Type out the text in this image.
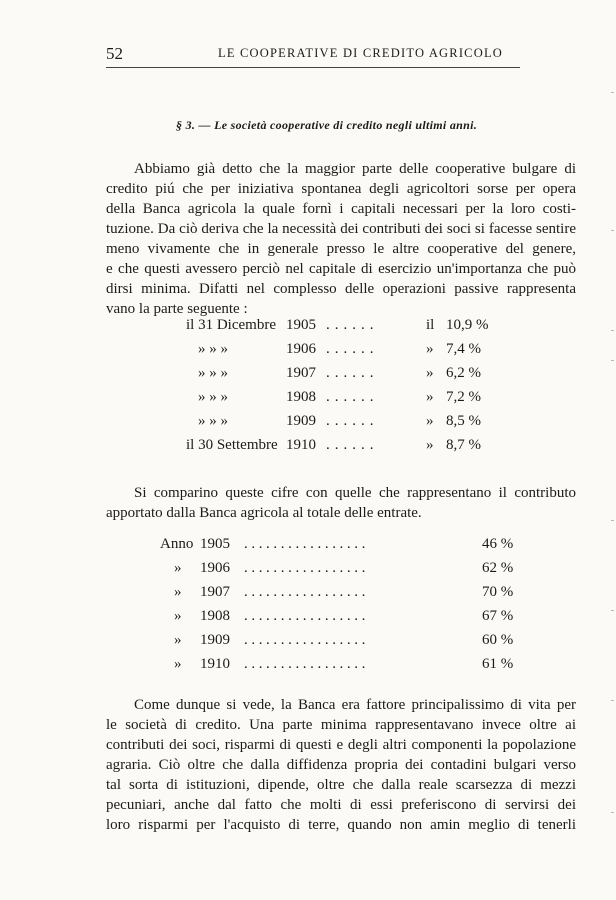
52	LE COOPERATIVE DI CREDITO AGRICOLO
§ 3. — Le società cooperative di credito negli ultimi anni.
Abbiamo già detto che la maggior parte delle cooperative bulgare di
credito piú che per iniziativa spontanea degli agricoltori sorse per opera
della Banca agricola la quale fornì i capitali necessari per la loro costi-
tuzione. Da ciò deriva che la necessità dei contributi dei soci si facesse sentire
meno vivamente che in generale presso le altre cooperative del genere,
e che questi avessero perciò nel capitale di esercizio un'importanza che può
dirsi minima. Difatti nel complesso delle operazioni passive rappresenta
vano la parte seguente :
il 31 Dicembre 1905 ......	il 10,9 %
» » »	1906 ......	» 7,4 %
» » »	1907 ......	» 6,2 %
» » »	1908 ......	» 7,2 %
» » »	1909 ......	» 8,5 %
il 30 Settembre 1910 ......	» 8,7 %
Si comparino queste cifre con quelle che rappresentano il contributo
apportato dalla Banca agricola al totale delle entrate.
Anno 1905 .................	46 %
» 1906 .................	62 %
» 1907 .................	70 %
» 1908 .................	67 %
» 1909 .................	60 %
» 1910 .................	61 %
Come dunque si vede, la Banca era fattore principalissimo di vita per
le società di credito. Una parte minima rappresentavano invece oltre ai
contributi dei soci, risparmi di questi e degli altri componenti la popolazione
agraria. Ciò oltre che dalla diffidenza propria dei contadini bulgari verso
tal sorta di istituzioni, dipende, oltre che dalla reale scarsezza di mezzi
pecuniari, anche dal fatto che molti di essi preferiscono di servirsi dei
loro risparmi per l'acquisto di terre, quando non amin meglio di tenerli
